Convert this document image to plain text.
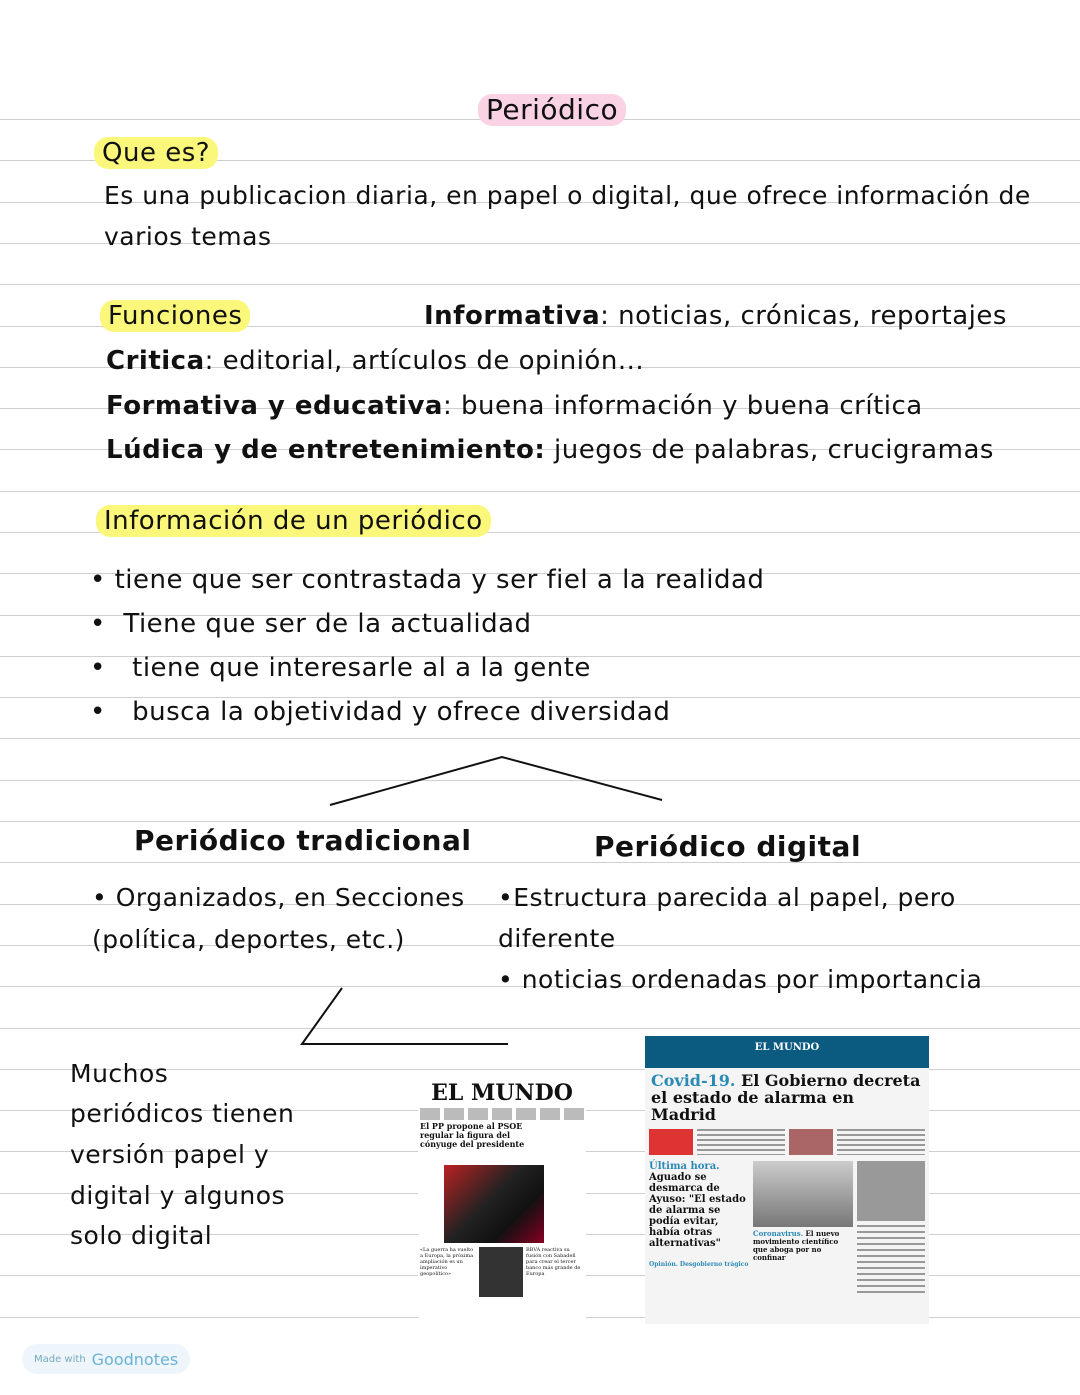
Periódico
Que es?
Es una publicacion diaria, en papel o digital, que ofrece información de
varios temas
Funciones	Informativa: noticias, crónicas, reportajes
Critica: editorial, artículos de opinión...
Formativa y educativa: buena información y buena crítica
Lúdica y de entretenimiento: juegos de palabras, crucigramas
Información de un periódico
• tiene que ser contrastada y ser fiel a la realidad
•  Tiene que ser de la actualidad
•   tiene que interesarle al a la gente
•   busca la objetividad y ofrece diversidad
Periódico tradicional
• Organizados, en Secciones
(política, deportes, etc.)
Periódico digital
•Estructura parecida al papel, pero
diferente
• noticias ordenadas por importancia
Muchos
periódicos tienen
versión papel y
digital y algunos
solo digital
EL MUNDO
El PP propone al PSOE regular la figura del cónyuge del presidente
«La guerra ha vuelto a Europa, la próxima ampliación es un imperativo geopolítico»
BBVA reactiva su fusión con Sabadell para crear el tercer banco más grande de Europa
EL MUNDO
Covid-19. El Gobierno decreta el estado de alarma en Madrid
Última hora. Aguado se desmarca de Ayuso: "El estado de alarma se podía evitar, había otras alternativas"
Opinión. Desgobierno trágico
Coronavirus. El nuevo movimiento científico que aboga por no confinar
Made with Goodnotes
